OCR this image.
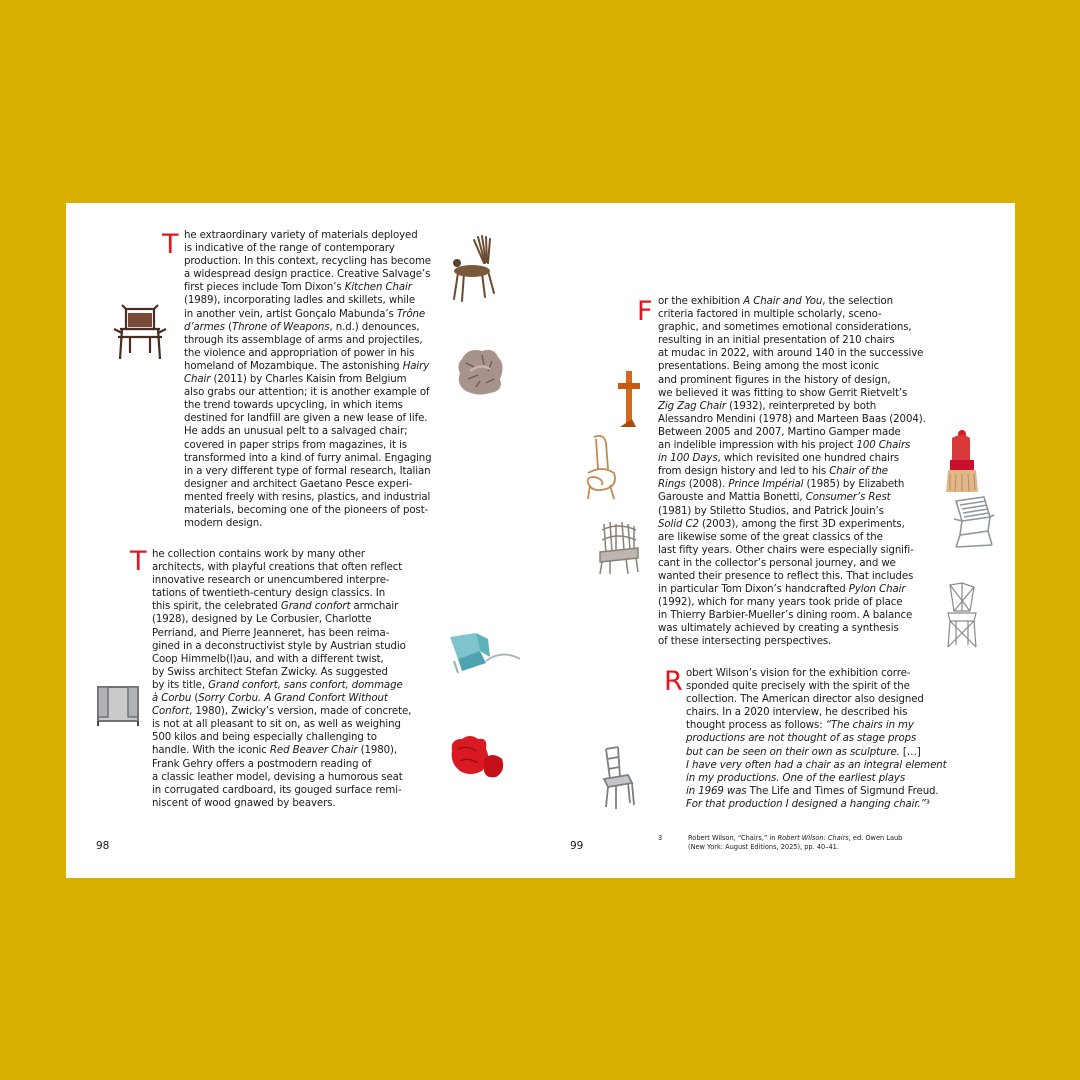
T he extraordinary variety of materials deployed
is indicative of the range of contemporary
production. In this context, recycling has become
a widespread design practice. Creative Salvage’s
first pieces include Tom Dixon’s Kitchen Chair
(1989), incorporating ladles and skillets, while
in another vein, artist Gonçalo Mabunda’s Trône
d’armes (Throne of Weapons, n.d.) denounces,
through its assemblage of arms and projectiles,
the violence and appropriation of power in his
homeland of Mozambique. The astonishing Hairy
Chair (2011) by Charles Kaisin from Belgium
also grabs our attention; it is another example of
the trend towards upcycling, in which items
destined for landfill are given a new lease of life.
He adds an unusual pelt to a salvaged chair;
covered in paper strips from magazines, it is
transformed into a kind of furry animal. Engaging
in a very different type of formal research, Italian
designer and architect Gaetano Pesce experi-
mented freely with resins, plastics, and industrial
materials, becoming one of the pioneers of post-
modern design.
T he collection contains work by many other
architects, with playful creations that often reflect
innovative research or unencumbered interpre-
tations of twentieth-century design classics. In
this spirit, the celebrated Grand confort armchair
(1928), designed by Le Corbusier, Charlotte
Perriand, and Pierre Jeanneret, has been reima-
gined in a deconstructivist style by Austrian studio
Coop Himmelb(l)au, and with a different twist,
by Swiss architect Stefan Zwicky. As suggested
by its title, Grand confort, sans confort, dommage
à Corbu (Sorry Corbu. A Grand Confort Without
Confort, 1980), Zwicky’s version, made of concrete,
is not at all pleasant to sit on, as well as weighing
500 kilos and being especially challenging to
handle. With the iconic Red Beaver Chair (1980),
Frank Gehry offers a postmodern reading of
a classic leather model, devising a humorous seat
in corrugated cardboard, its gouged surface remi-
niscent of wood gnawed by beavers.
98
F or the exhibition A Chair and You, the selection
criteria factored in multiple scholarly, sceno-
graphic, and sometimes emotional considerations,
resulting in an initial presentation of 210 chairs
at mudac in 2022, with around 140 in the successive
presentations. Being among the most iconic
and prominent figures in the history of design,
we believed it was fitting to show Gerrit Rietvelt’s
Zig Zag Chair (1932), reinterpreted by both
Alessandro Mendini (1978) and Marteen Baas (2004).
Between 2005 and 2007, Martino Gamper made
an indelible impression with his project 100 Chairs
in 100 Days, which revisited one hundred chairs
from design history and led to his Chair of the
Rings (2008). Prince Impérial (1985) by Elizabeth
Garouste and Mattia Bonetti, Consumer’s Rest
(1981) by Stiletto Studios, and Patrick Jouin’s
Solid C2 (2003), among the first 3D experiments,
are likewise some of the great classics of the
last fifty years. Other chairs were especially signifi-
cant in the collector’s personal journey, and we
wanted their presence to reflect this. That includes
in particular Tom Dixon’s handcrafted Pylon Chair
(1992), which for many years took pride of place
in Thierry Barbier-Mueller’s dining room. A balance
was ultimately achieved by creating a synthesis
of these intersecting perspectives.
R obert Wilson’s vision for the exhibition corre-
sponded quite precisely with the spirit of the
collection. The American director also designed
chairs. In a 2020 interview, he described his
thought process as follows: “The chairs in my
productions are not thought of as stage props
but can be seen on their own as sculpture. […]
I have very often had a chair as an integral element
in my productions. One of the earliest plays
in 1969 was The Life and Times of Sigmund Freud.
For that production I designed a hanging chair.”³
99
3	Robert Wilson, “Chairs,” in Robert Wilson: Chairs, ed. Owen Laub
(New York: August Editions, 2025), pp. 40–41.
